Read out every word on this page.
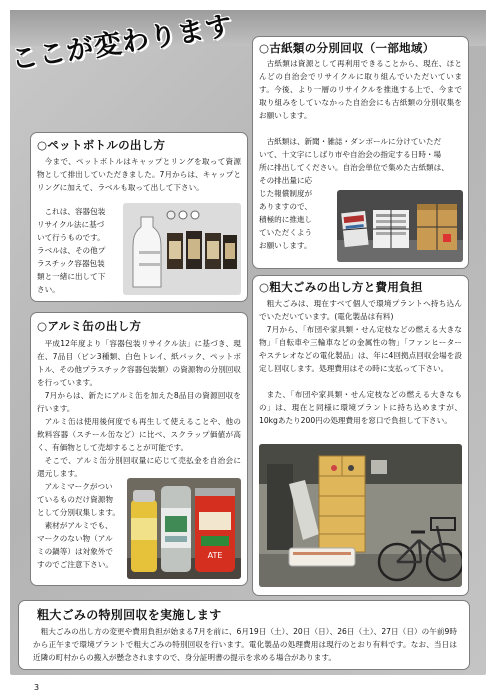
ここが変わります ○古紙類の分別回収（一部地域）

古紙類は資源として再利用できることから、現在、ほとんどの自治会でリサイクルに取り組んでいただいています。今後、より一層のリサイクルを推進する上で、今まで取り組みをしていなかった自治会にも古紙類の分別収集をお願いします。

古紙類は、新聞・雑誌・ダンボールに分けていただ

いて、十文字にしばり市や自治会の指定する日時・場

所に排出してください。自治会単位で集めた古紙類は、

その排出量に応

じた報償制度が

ありますので、

積極的に推進し

ていただくよう

お願いします。

○ペットボトルの出し方

今まで、ペットボトルはキャップとリングを取って資源物として排出していただきました。7月からは、キャップとリングに加えて、ラベルも取って出して下さい。

これは、容器包装

リサイクル法に基づ

いて行うものです。

ラベルは、その他プ

ラスチック容器包装

類と一緒に出して下

さい。

○アルミ缶の出し方

平成12年度より「容器包装リサイクル法」に基づき、現在、7品目（ビン3種類、白色トレイ、紙パック、ペットボトル、その他プラスチック容器包装類）の資源物の分別回収を行っています。

7月からは、新たにアルミ缶を加えた8品目の資源回収を行います。

アルミ缶は使用後何度でも再生して使えることや、他の飲料容器（スチール缶など）に比べ、スクラップ価値が高く、有価物として売却することが可能です。

そこで、アルミ缶分別回収量に応じて売払金を自治会に還元します。

アルミマークがつい

ているものだけ資源物

として分別収集します。

素材がアルミでも、

マークのない物（アル

ミの鍋等）は対象外で

すのでご注意下さい。

ATE
○粗大ごみの出し方と費用負担

粗大ごみは、現在すべて個人で環境プラントへ持ち込んでいただいています。(電化製品は有料)

7月から、「布団や家具類・せん定枝などの燃える大きな物」「自転車や三輪車などの金属性の物」「ファンヒーターやステレオなどの電化製品」は、年に4回拠点回収会場を設定し回収します。処理費用はその時に支払って下さい。

また、「布団や家具類・せん定枝などの燃える大きなもの」は、現在と同様に環境プラントに持ち込めますが、10kgあたり200円の処理費用を窓口で負担して下さい。

粗大ごみの特別回収を実施します

粗大ごみの出し方の変更や費用負担が始まる7月を前に、6月19日（土）、20日（日）、26日（土）、27日（日）の午前9時から正午まで環境プラントで粗大ごみの特別回収を行います。電化製品の処理費用は現行のとおり有料です。なお、当日は近隣の町村からの搬入が懸念されますので、身分証明書の提示を求める場合があります。

3
